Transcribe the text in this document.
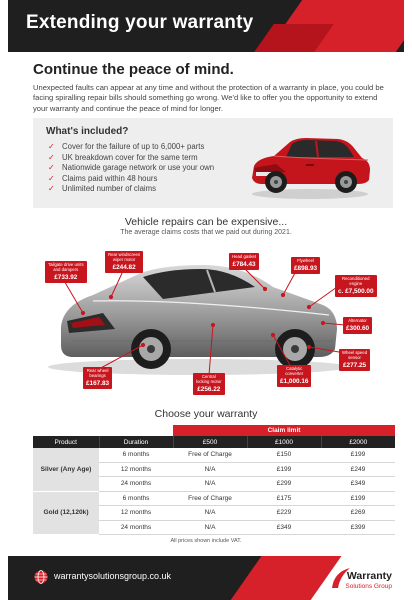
Extending your warranty
Continue the peace of mind.
Unexpected faults can appear at any time and without the protection of a warranty in place, you could be facing spiralling repair bills should something go wrong. We'd like to offer you the opportunity to extend your warranty and continue the peace of mind for longer.
What's included?
✓ Cover for the failure of up to 6,000+ parts
✓ UK breakdown cover for the same term
✓ Nationwide garage network or use your own
✓ Claims paid within 48 hours
✓ Unlimited number of claims
Vehicle repairs can be expensive...
The average claims costs that we paid out during 2021.
Tailgate drive units
and dampers
£733.92
Rear windscreen
wiper motor
£244.82
Head gasket
£784.43
Flywheel
£898.93
Reconditioned
engine
c. £7,500.00
Alternator
£300.60
Wheel speed
sensor
£277.25
Catalytic
converter
£1,000.16
Central
locking motor
£256.22
Rear wheel
bearings
£167.83
Choose your warranty
		Claim limit		
Product	Duration	£500	£1000	£2000
Silver (Any Age)	6 months	Free of Charge	£150	£199
	12 months	N/A	£199	£249
	24 months	N/A	£299	£349
Gold (12,120k)	6 months	Free of Charge	£175	£199
	12 months	N/A	£229	£269
	24 months	N/A	£349	£399
All prices shown include VAT.
warrantysolutionsgroup.co.uk	Warranty
Solutions Group
